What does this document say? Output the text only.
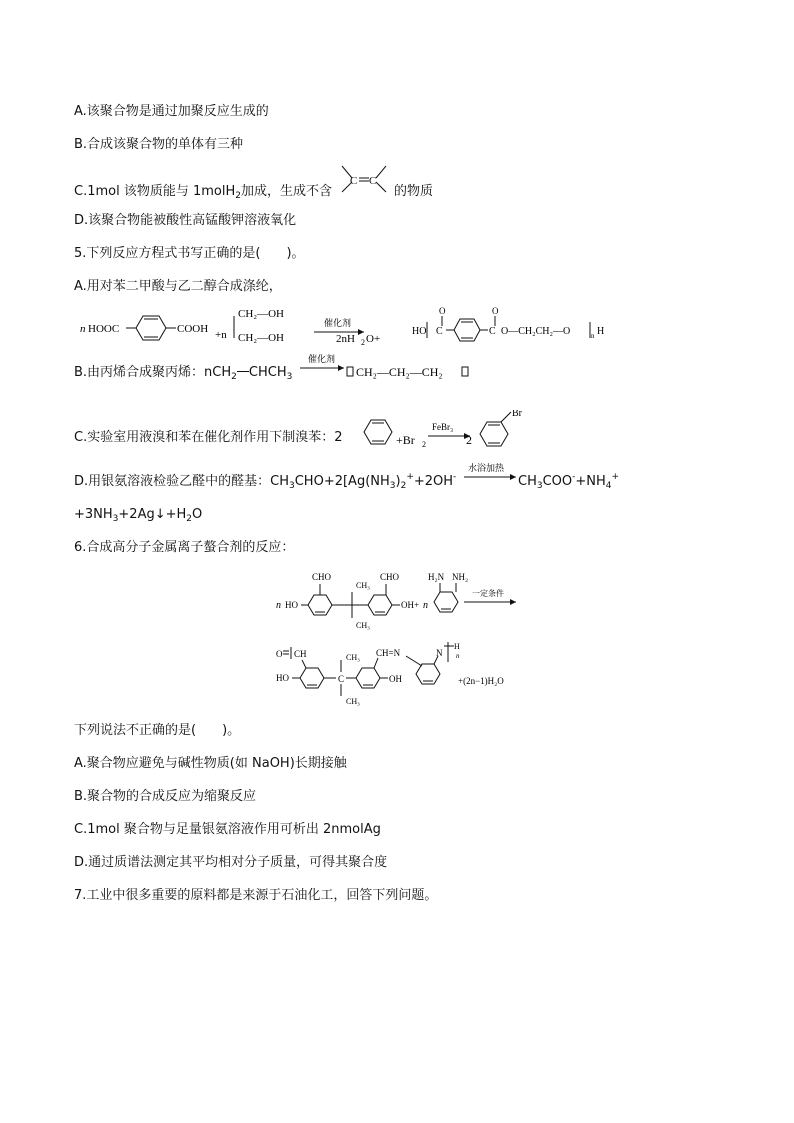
A.该聚合物是通过加聚反应生成的
B.合成该聚合物的单体有三种
C.1mol 该物质能与 1molH$_2$加成，生成不含
C C
的物质
D.该聚合物能被酸性高锰酸钾溶液氧化
5.下列反应方程式书写正确的是(　　)。
A.用对苯二甲酸与乙二醇合成涤纶，
n HOOC	COOH +n
CH₂—OH
CH₂—OH
催化剂
2nH 2 O+
HO
O
C
O
C O—CH₂CH₂—O	n H
B.由丙烯合成聚丙烯：nCH$_2$ $CHCH_3$
催化剂
CH₂—CH₂—CH₂
C.实验室用液溴和苯在催化剂作用下制溴苯：2	+Br 2
FeBr₃
2
Br
D.用银氨溶液检验乙醛中的醛基：$CH_3CHO+2[Ag(NH_3)_2^++2OH^-$
水浴加热
$CH_3COO^-+NH_4^+$
$+3NH_3+2Ag↓+H_2O$
6.合成高分子金属离子螯合剂的反应：
n HO
CHO
CH₃
CH₃
CHO
OH+ n
H₂N NH₂
一定条件
O CH
HO	C
CH₃
CH₃
CH=N
OH
N
H
n
+(2n−1)H₂O
下列说法不正确的是(　　)。
A.聚合物应避免与碱性物质(如 NaOH)长期接触
B.聚合物的合成反应为缩聚反应
C.1mol 聚合物与足量银氨溶液作用可析出 2nmolAg
D.通过质谱法测定其平均相对分子质量，可得其聚合度
7.工业中很多重要的原料都是来源于石油化工，回答下列问题。
